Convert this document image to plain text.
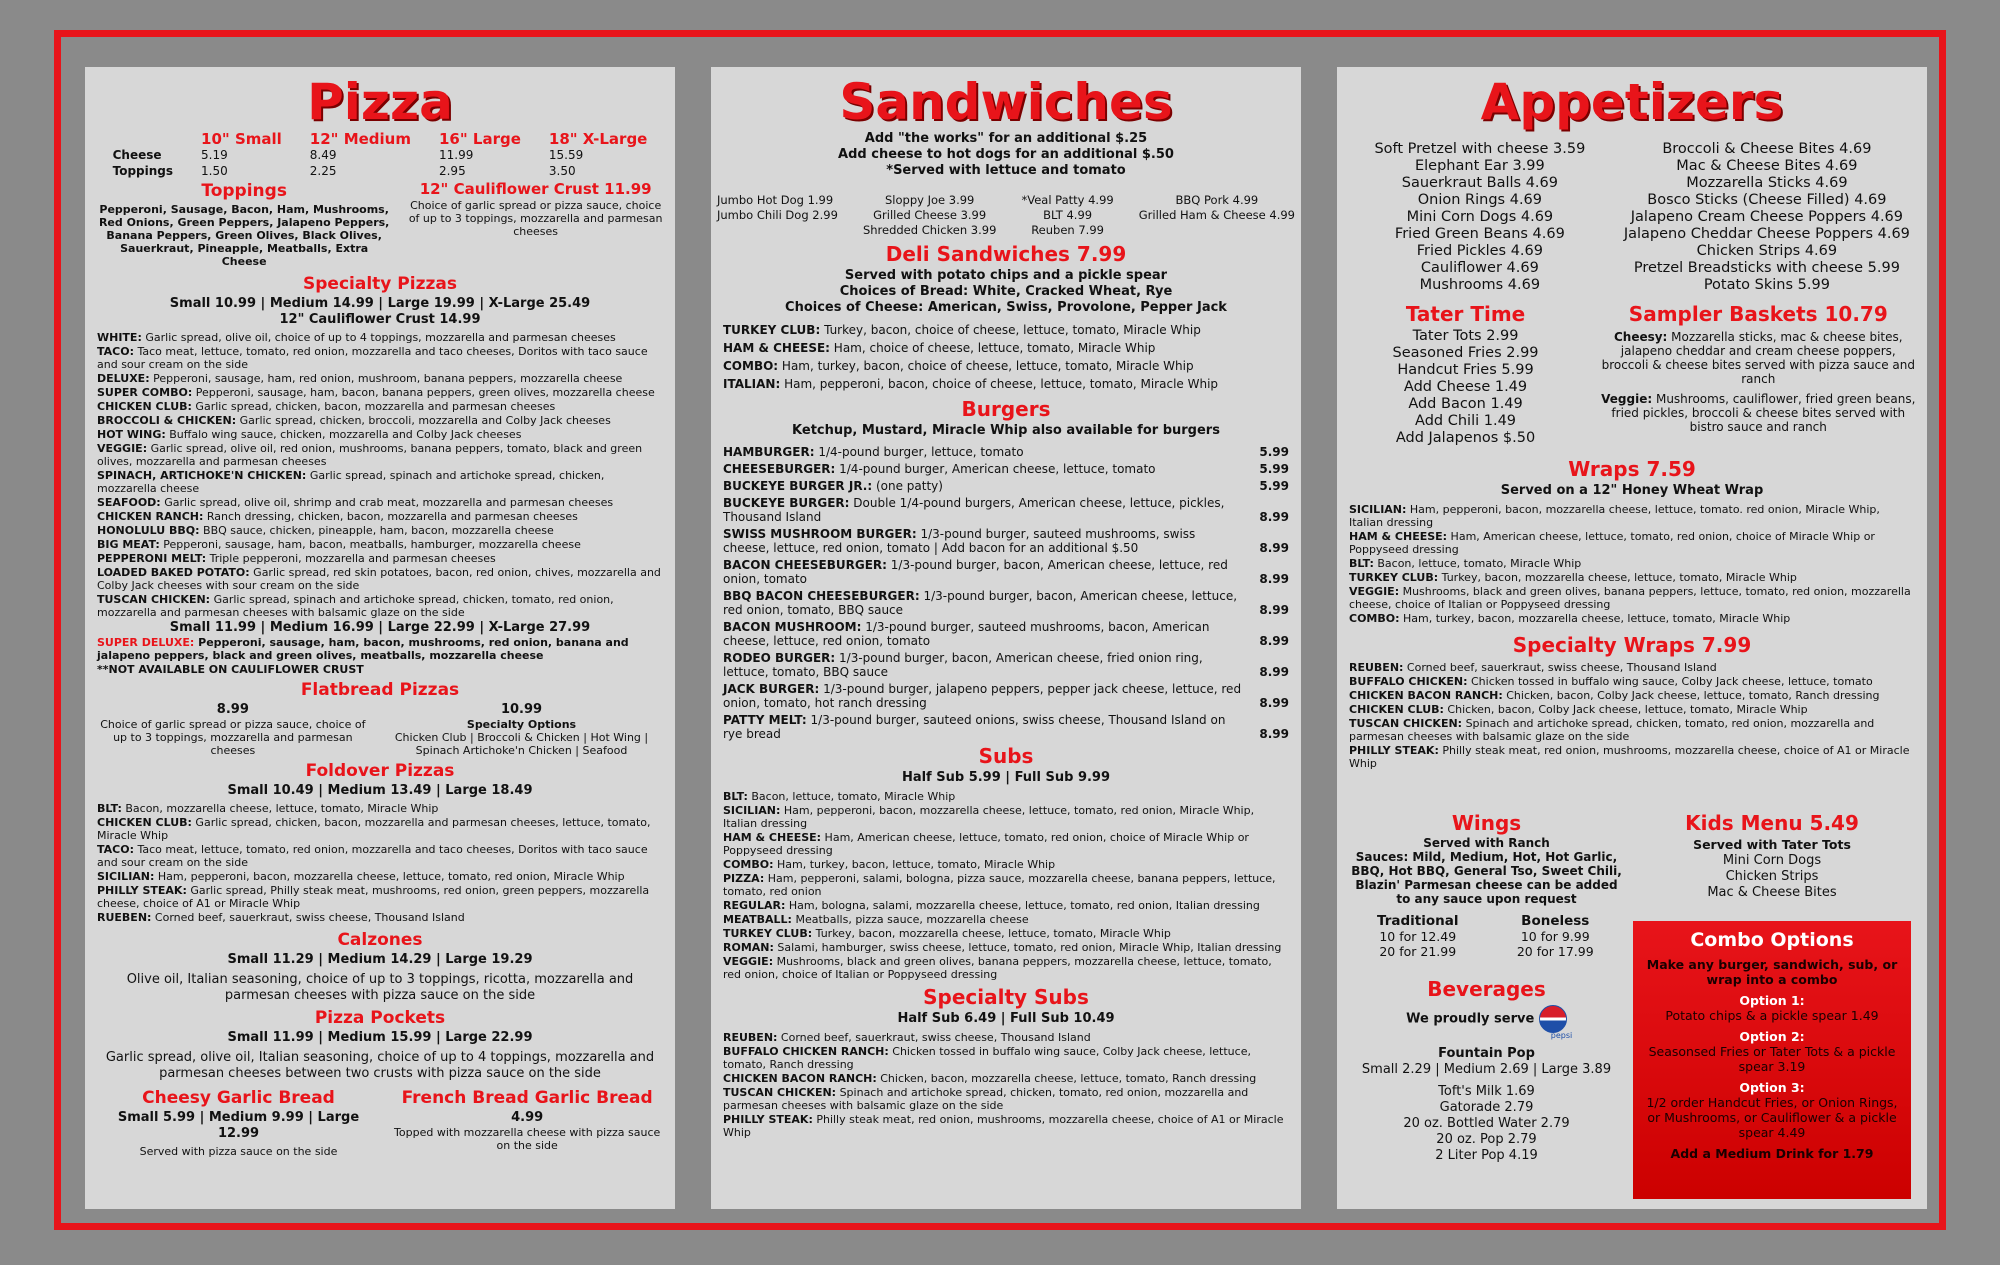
Pizza
	10" Small	12" Medium	16" Large	18" X-Large
Cheese	5.19	8.49	11.99	15.59
Toppings	1.50	2.25	2.95	3.50
Toppings
Pepperoni, Sausage, Bacon, Ham, Mushrooms, Red Onions, Green Peppers, Jalapeno Peppers, Banana Peppers, Green Olives, Black Olives, Sauerkraut, Pineapple, Meatballs, Extra Cheese
12" Cauliflower Crust 11.99
Choice of garlic spread or pizza sauce, choice of up to 3 toppings, mozzarella and parmesan cheeses
Specialty Pizzas
Small 10.99 | Medium 14.99 | Large 19.99 | X-Large 25.49
12" Cauliflower Crust 14.99
WHITE: Garlic spread, olive oil, choice of up to 4 toppings, mozzarella and parmesan cheeses
TACO: Taco meat, lettuce, tomato, red onion, mozzarella and taco cheeses, Doritos with taco sauce and sour cream on the side
DELUXE: Pepperoni, sausage, ham, red onion, mushroom, banana peppers, mozzarella cheese
SUPER COMBO: Pepperoni, sausage, ham, bacon, banana peppers, green olives, mozzarella cheese
CHICKEN CLUB: Garlic spread, chicken, bacon, mozzarella and parmesan cheeses
BROCCOLI & CHICKEN: Garlic spread, chicken, broccoli, mozzarella and Colby Jack cheeses
HOT WING: Buffalo wing sauce, chicken, mozzarella and Colby Jack cheeses
VEGGIE: Garlic spread, olive oil, red onion, mushrooms, banana peppers, tomato, black and green olives, mozzarella and parmesan cheeses
SPINACH, ARTICHOKE'N CHICKEN: Garlic spread, spinach and artichoke spread, chicken, mozzarella cheese
SEAFOOD: Garlic spread, olive oil, shrimp and crab meat, mozzarella and parmesan cheeses
CHICKEN RANCH: Ranch dressing, chicken, bacon, mozzarella and parmesan cheeses
HONOLULU BBQ: BBQ sauce, chicken, pineapple, ham, bacon, mozzarella cheese
BIG MEAT: Pepperoni, sausage, ham, bacon, meatballs, hamburger, mozzarella cheese
PEPPERONI MELT: Triple pepperoni, mozzarella and parmesan cheeses
LOADED BAKED POTATO: Garlic spread, red skin potatoes, bacon, red onion, chives, mozzarella and Colby Jack cheeses with sour cream on the side
TUSCAN CHICKEN: Garlic spread, spinach and artichoke spread, chicken, tomato, red onion, mozzarella and parmesan cheeses with balsamic glaze on the side
Small 11.99 | Medium 16.99 | Large 22.99 | X-Large 27.99
SUPER DELUXE: Pepperoni, sausage, ham, bacon, mushrooms, red onion, banana and jalapeno peppers, black and green olives, meatballs, mozzarella cheese
**NOT AVAILABLE ON CAULIFLOWER CRUST
Flatbread Pizzas
8.99
Choice of garlic spread or pizza sauce, choice of up to 3 toppings, mozzarella and parmesan cheeses
10.99
Specialty Options
Chicken Club | Broccoli & Chicken | Hot Wing | Spinach Artichoke'n Chicken | Seafood
Foldover Pizzas
Small 10.49 | Medium 13.49 | Large 18.49
BLT: Bacon, mozzarella cheese, lettuce, tomato, Miracle Whip
CHICKEN CLUB: Garlic spread, chicken, bacon, mozzarella and parmesan cheeses, lettuce, tomato, Miracle Whip
TACO: Taco meat, lettuce, tomato, red onion, mozzarella and taco cheeses, Doritos with taco sauce and sour cream on the side
SICILIAN: Ham, pepperoni, bacon, mozzarella cheese, lettuce, tomato, red onion, Miracle Whip
PHILLY STEAK: Garlic spread, Philly steak meat, mushrooms, red onion, green peppers, mozzarella cheese, choice of A1 or Miracle Whip
RUEBEN: Corned beef, sauerkraut, swiss cheese, Thousand Island
Calzones
Small 11.29 | Medium 14.29 | Large 19.29
Olive oil, Italian seasoning, choice of up to 3 toppings, ricotta, mozzarella and parmesan cheeses with pizza sauce on the side
Pizza Pockets
Small 11.99 | Medium 15.99 | Large 22.99
Garlic spread, olive oil, Italian seasoning, choice of up to 4 toppings, mozzarella and parmesan cheeses between two crusts with pizza sauce on the side
Cheesy Garlic Bread
Small 5.99 | Medium 9.99 | Large 12.99
Served with pizza sauce on the side
French Bread Garlic Bread
4.99
Topped with mozzarella cheese with pizza sauce on the side
Sandwiches
Add "the works" for an additional $.25
Add cheese to hot dogs for an additional $.50
*Served with lettuce and tomato
Jumbo Hot Dog 1.99
Jumbo Chili Dog 2.99
Sloppy Joe 3.99
Grilled Cheese 3.99
Shredded Chicken 3.99
*Veal Patty 4.99
BLT 4.99
Reuben 7.99
BBQ Pork 4.99
Grilled Ham & Cheese 4.99
Deli Sandwiches 7.99
Served with potato chips and a pickle spear
Choices of Bread: White, Cracked Wheat, Rye
Choices of Cheese: American, Swiss, Provolone, Pepper Jack
TURKEY CLUB: Turkey, bacon, choice of cheese, lettuce, tomato, Miracle Whip
HAM & CHEESE: Ham, choice of cheese, lettuce, tomato, Miracle Whip
COMBO: Ham, turkey, bacon, choice of cheese, lettuce, tomato, Miracle Whip
ITALIAN: Ham, pepperoni, bacon, choice of cheese, lettuce, tomato, Miracle Whip
Burgers
Ketchup, Mustard, Miracle Whip also available for burgers
HAMBURGER: 1/4-pound burger, lettuce, tomato	5.99
CHEESEBURGER: 1/4-pound burger, American cheese, lettuce, tomato	5.99
BUCKEYE BURGER JR.: (one patty)	5.99
BUCKEYE BURGER: Double 1/4-pound burgers, American cheese, lettuce, pickles, Thousand Island	8.99
SWISS MUSHROOM BURGER: 1/3-pound burger, sauteed mushrooms, swiss cheese, lettuce, red onion, tomato | Add bacon for an additional $.50	8.99
BACON CHEESEBURGER: 1/3-pound burger, bacon, American cheese, lettuce, red onion, tomato	8.99
BBQ BACON CHEESEBURGER: 1/3-pound burger, bacon, American cheese, lettuce, red onion, tomato, BBQ sauce	8.99
BACON MUSHROOM: 1/3-pound burger, sauteed mushrooms, bacon, American cheese, lettuce, red onion, tomato	8.99
RODEO BURGER: 1/3-pound burger, bacon, American cheese, fried onion ring, lettuce, tomato, BBQ sauce	8.99
JACK BURGER: 1/3-pound burger, jalapeno peppers, pepper jack cheese, lettuce, red onion, tomato, hot ranch dressing	8.99
PATTY MELT: 1/3-pound burger, sauteed onions, swiss cheese, Thousand Island on rye bread	8.99
Subs
Half Sub 5.99 | Full Sub 9.99
BLT: Bacon, lettuce, tomato, Miracle Whip
SICILIAN: Ham, pepperoni, bacon, mozzarella cheese, lettuce, tomato, red onion, Miracle Whip, Italian dressing
HAM & CHEESE: Ham, American cheese, lettuce, tomato, red onion, choice of Miracle Whip or Poppyseed dressing
COMBO: Ham, turkey, bacon, lettuce, tomato, Miracle Whip
PIZZA: Ham, pepperoni, salami, bologna, pizza sauce, mozzarella cheese, banana peppers, lettuce, tomato, red onion
REGULAR: Ham, bologna, salami, mozzarella cheese, lettuce, tomato, red onion, Italian dressing
MEATBALL: Meatballs, pizza sauce, mozzarella cheese
TURKEY CLUB: Turkey, bacon, mozzarella cheese, lettuce, tomato, Miracle Whip
ROMAN: Salami, hamburger, swiss cheese, lettuce, tomato, red onion, Miracle Whip, Italian dressing
VEGGIE: Mushrooms, black and green olives, banana peppers, mozzarella cheese, lettuce, tomato, red onion, choice of Italian or Poppyseed dressing
Specialty Subs
Half Sub 6.49 | Full Sub 10.49
REUBEN: Corned beef, sauerkraut, swiss cheese, Thousand Island
BUFFALO CHICKEN RANCH: Chicken tossed in buffalo wing sauce, Colby Jack cheese, lettuce, tomato, Ranch dressing
CHICKEN BACON RANCH: Chicken, bacon, mozzarella cheese, lettuce, tomato, Ranch dressing
TUSCAN CHICKEN: Spinach and artichoke spread, chicken, tomato, red onion, mozzarella and parmesan cheeses with balsamic glaze on the side
PHILLY STEAK: Philly steak meat, red onion, mushrooms, mozzarella cheese, choice of A1 or Miracle Whip
Appetizers
Soft Pretzel with cheese 3.59
Elephant Ear 3.99
Sauerkraut Balls 4.69
Onion Rings 4.69
Mini Corn Dogs 4.69
Fried Green Beans 4.69
Fried Pickles 4.69
Cauliflower 4.69
Mushrooms 4.69
Broccoli & Cheese Bites 4.69
Mac & Cheese Bites 4.69
Mozzarella Sticks 4.69
Bosco Sticks (Cheese Filled) 4.69
Jalapeno Cream Cheese Poppers 4.69
Jalapeno Cheddar Cheese Poppers 4.69
Chicken Strips 4.69
Pretzel Breadsticks with cheese 5.99
Potato Skins 5.99
Tater Time
Tater Tots 2.99
Seasoned Fries 2.99
Handcut Fries 5.99
Add Cheese 1.49
Add Bacon 1.49
Add Chili 1.49
Add Jalapenos $.50
Sampler Baskets 10.79
Cheesy: Mozzarella sticks, mac & cheese bites, jalapeno cheddar and cream cheese poppers, broccoli & cheese bites served with pizza sauce and ranch
Veggie: Mushrooms, cauliflower, fried green beans, fried pickles, broccoli & cheese bites served with bistro sauce and ranch
Wraps 7.59
Served on a 12" Honey Wheat Wrap
SICILIAN: Ham, pepperoni, bacon, mozzarella cheese, lettuce, tomato. red onion, Miracle Whip, Italian dressing
HAM & CHEESE: Ham, American cheese, lettuce, tomato, red onion, choice of Miracle Whip or Poppyseed dressing
BLT: Bacon, lettuce, tomato, Miracle Whip
TURKEY CLUB: Turkey, bacon, mozzarella cheese, lettuce, tomato, Miracle Whip
VEGGIE: Mushrooms, black and green olives, banana peppers, lettuce, tomato, red onion, mozzarella cheese, choice of Italian or Poppyseed dressing
COMBO: Ham, turkey, bacon, mozzarella cheese, lettuce, tomato, Miracle Whip
Specialty Wraps 7.99
REUBEN: Corned beef, sauerkraut, swiss cheese, Thousand Island
BUFFALO CHICKEN: Chicken tossed in buffalo wing sauce, Colby Jack cheese, lettuce, tomato
CHICKEN BACON RANCH: Chicken, bacon, Colby Jack cheese, lettuce, tomato, Ranch dressing
CHICKEN CLUB: Chicken, bacon, Colby Jack cheese, lettuce, tomato, Miracle Whip
TUSCAN CHICKEN: Spinach and artichoke spread, chicken, tomato, red onion, mozzarella and parmesan cheeses with balsamic glaze on the side
PHILLY STEAK: Philly steak meat, red onion, mushrooms, mozzarella cheese, choice of A1 or Miracle Whip
Wings
Served with Ranch
Sauces: Mild, Medium, Hot, Hot Garlic, BBQ, Hot BBQ, General Tso, Sweet Chili, Blazin' Parmesan cheese can be added to any sauce upon request
Traditional
10 for 12.49
20 for 21.99
Boneless
10 for 9.99
20 for 17.99
Beverages
We proudly serve
pepsi
Fountain Pop
Small 2.29 | Medium 2.69 | Large 3.89
Toft's Milk 1.69
Gatorade 2.79
20 oz. Bottled Water 2.79
20 oz. Pop 2.79
2 Liter Pop 4.19
Kids Menu 5.49
Served with Tater Tots
Mini Corn Dogs
Chicken Strips
Mac & Cheese Bites
Combo Options

Make any burger, sandwich, sub, or wrap into a combo

Option 1:
Potato chips & a pickle spear 1.49

Option 2:
Seasonsed Fries or Tater Tots & a pickle spear 3.19

Option 3:
1/2 order Handcut Fries, or Onion Rings, or Mushrooms, or Cauliflower & a pickle spear 4.49

Add a Medium Drink for 1.79
